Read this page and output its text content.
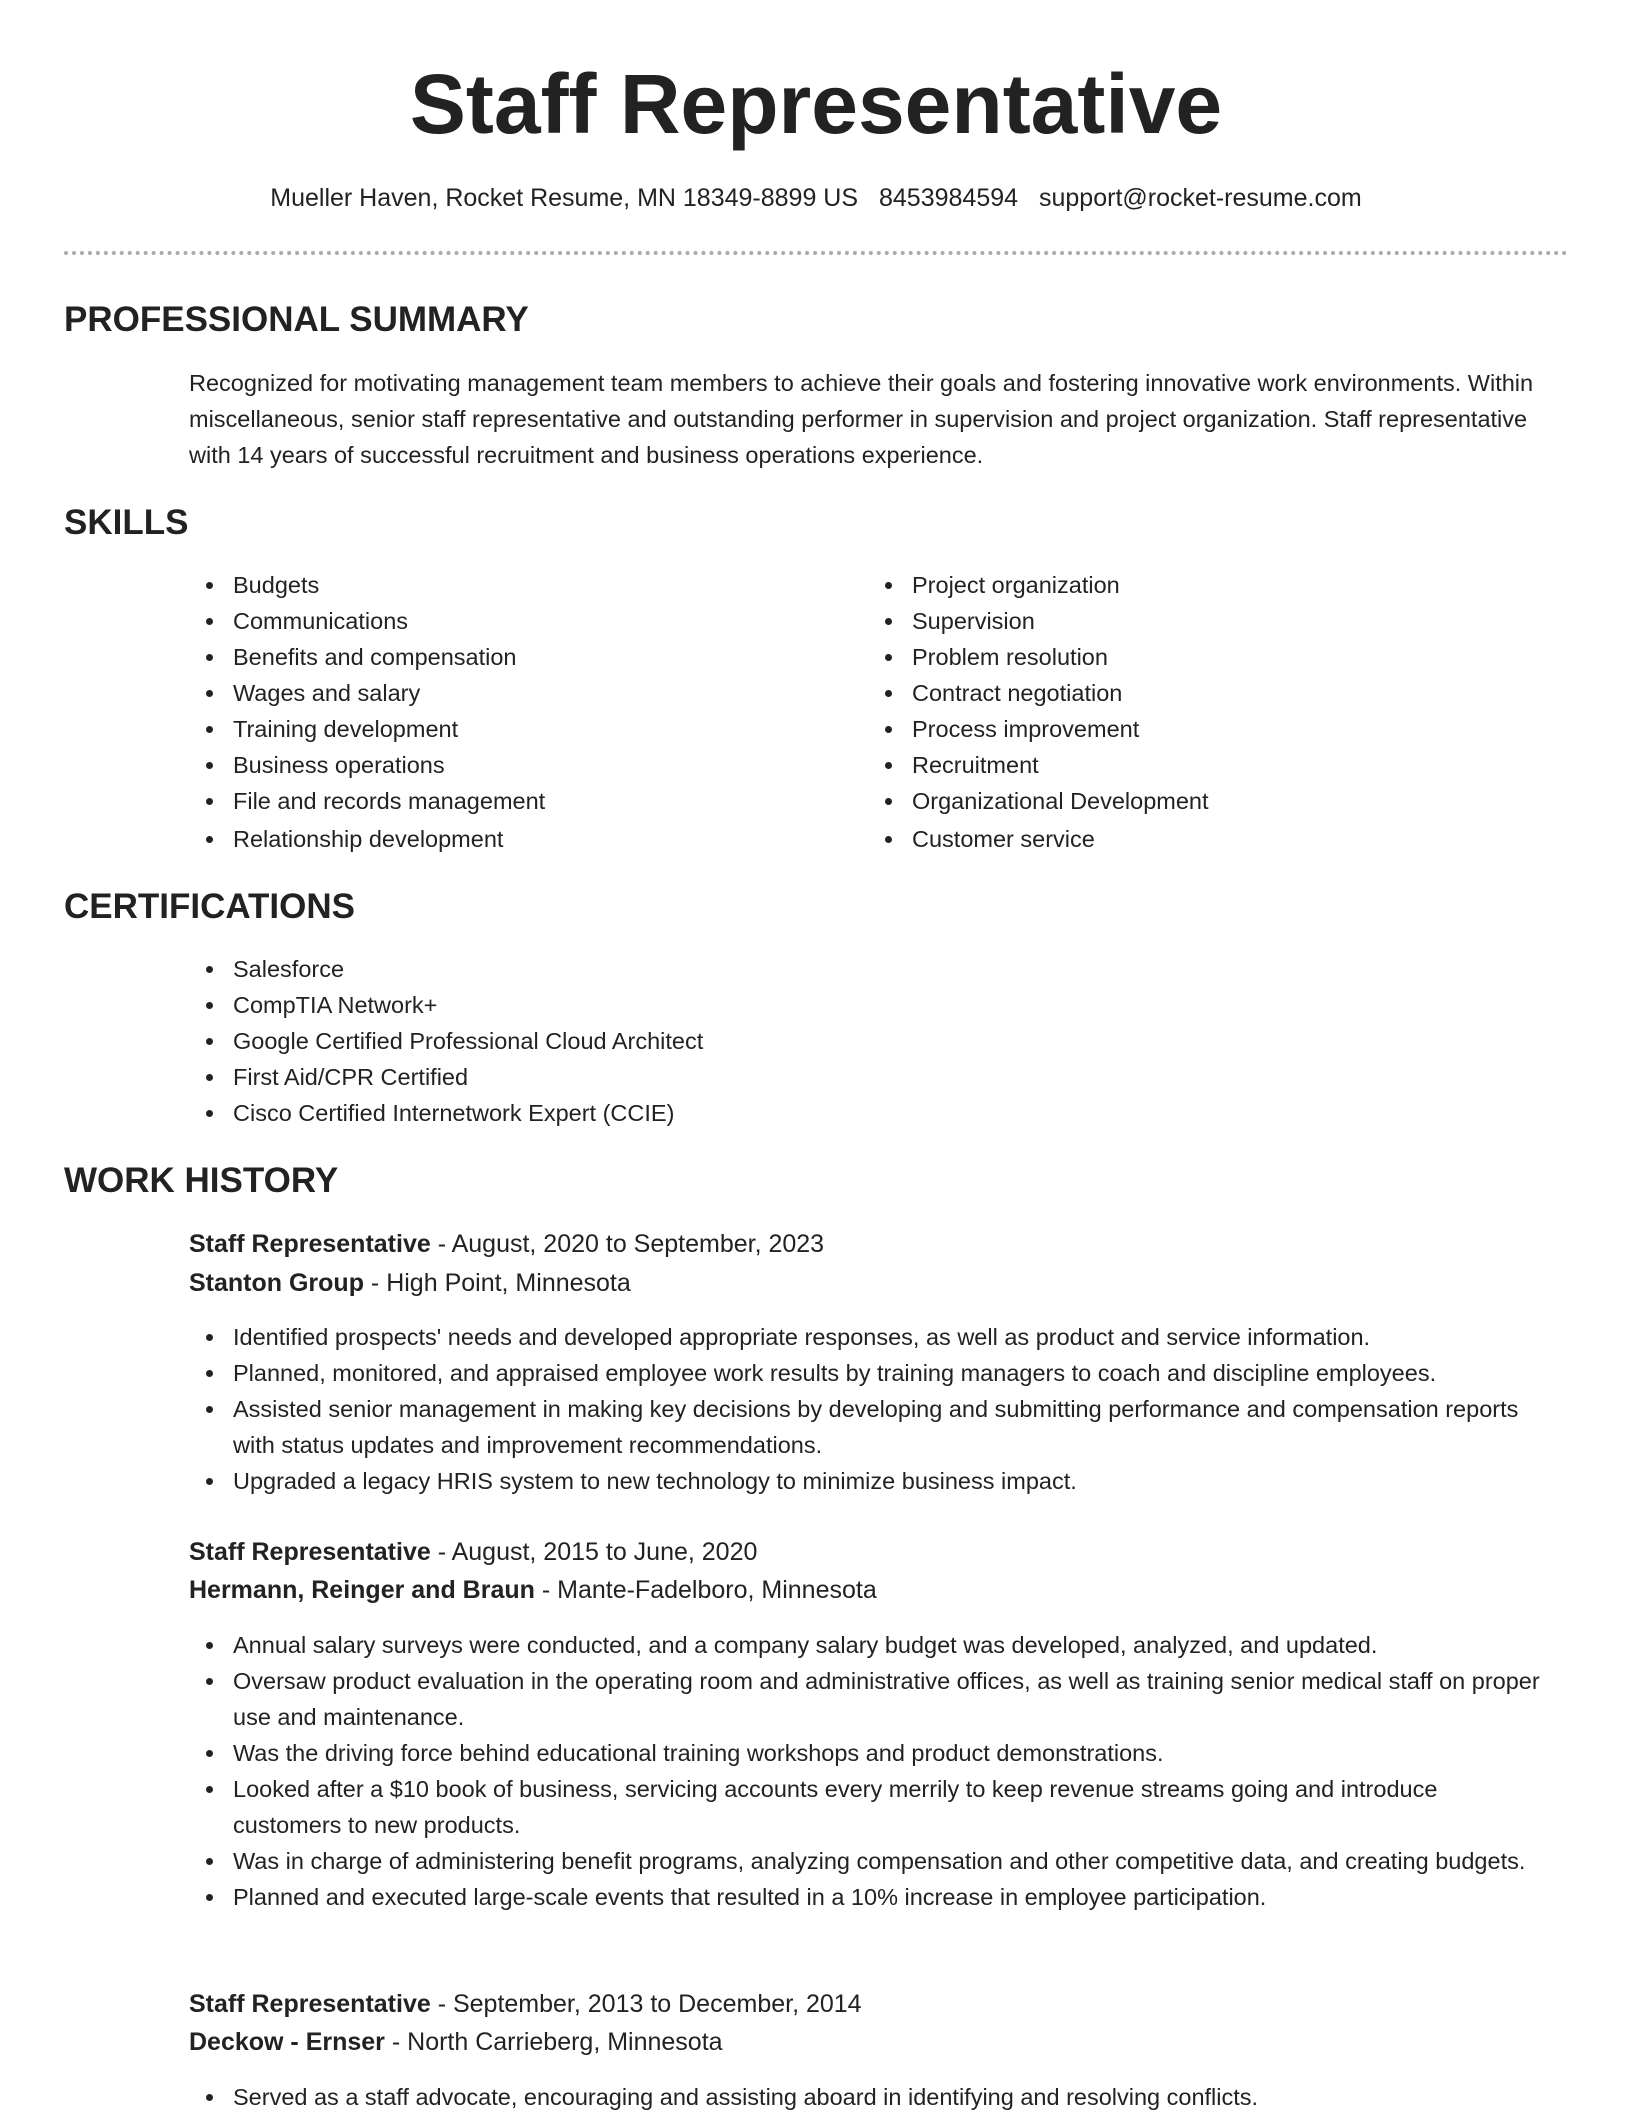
Staff Representative
Mueller Haven, Rocket Resume, MN 18349-8899 US 8453984594 support@rocket-resume.com
PROFESSIONAL SUMMARY

Recognized for motivating management team members to achieve their goals and fostering innovative work environments. Within miscellaneous, senior staff representative and outstanding performer in supervision and project organization. Staff representative with 14 years of successful recruitment and business operations experience.

SKILLS
Budgets
Communications
Benefits and compensation
Wages and salary
Training development
Business operations
File and records management
Relationship development
Project organization
Supervision
Problem resolution
Contract negotiation
Process improvement
Recruitment
Organizational Development
Customer service
CERTIFICATIONS
Salesforce
CompTIA Network+
Google Certified Professional Cloud Architect
First Aid/CPR Certified
Cisco Certified Internetwork Expert (CCIE)
WORK HISTORY
Staff Representative - August, 2020 to September, 2023
Stanton Group - High Point, Minnesota
Identified prospects' needs and developed appropriate responses, as well as product and service information.
Planned, monitored, and appraised employee work results by training managers to coach and discipline employees.
Assisted senior management in making key decisions by developing and submitting performance and compensation reports with status updates and improvement recommendations.
Upgraded a legacy HRIS system to new technology to minimize business impact.
Staff Representative - August, 2015 to June, 2020
Hermann, Reinger and Braun - Mante-Fadelboro, Minnesota
Annual salary surveys were conducted, and a company salary budget was developed, analyzed, and updated.
Oversaw product evaluation in the operating room and administrative offices, as well as training senior medical staff on proper use and maintenance.
Was the driving force behind educational training workshops and product demonstrations.
Looked after a $10 book of business, servicing accounts every merrily to keep revenue streams going and introduce customers to new products.
Was in charge of administering benefit programs, analyzing compensation and other competitive data, and creating budgets.
Planned and executed large-scale events that resulted in a 10% increase in employee participation.
Staff Representative - September, 2013 to December, 2014
Deckow - Ernser - North Carrieberg, Minnesota
Served as a staff advocate, encouraging and assisting aboard in identifying and resolving conflicts.
